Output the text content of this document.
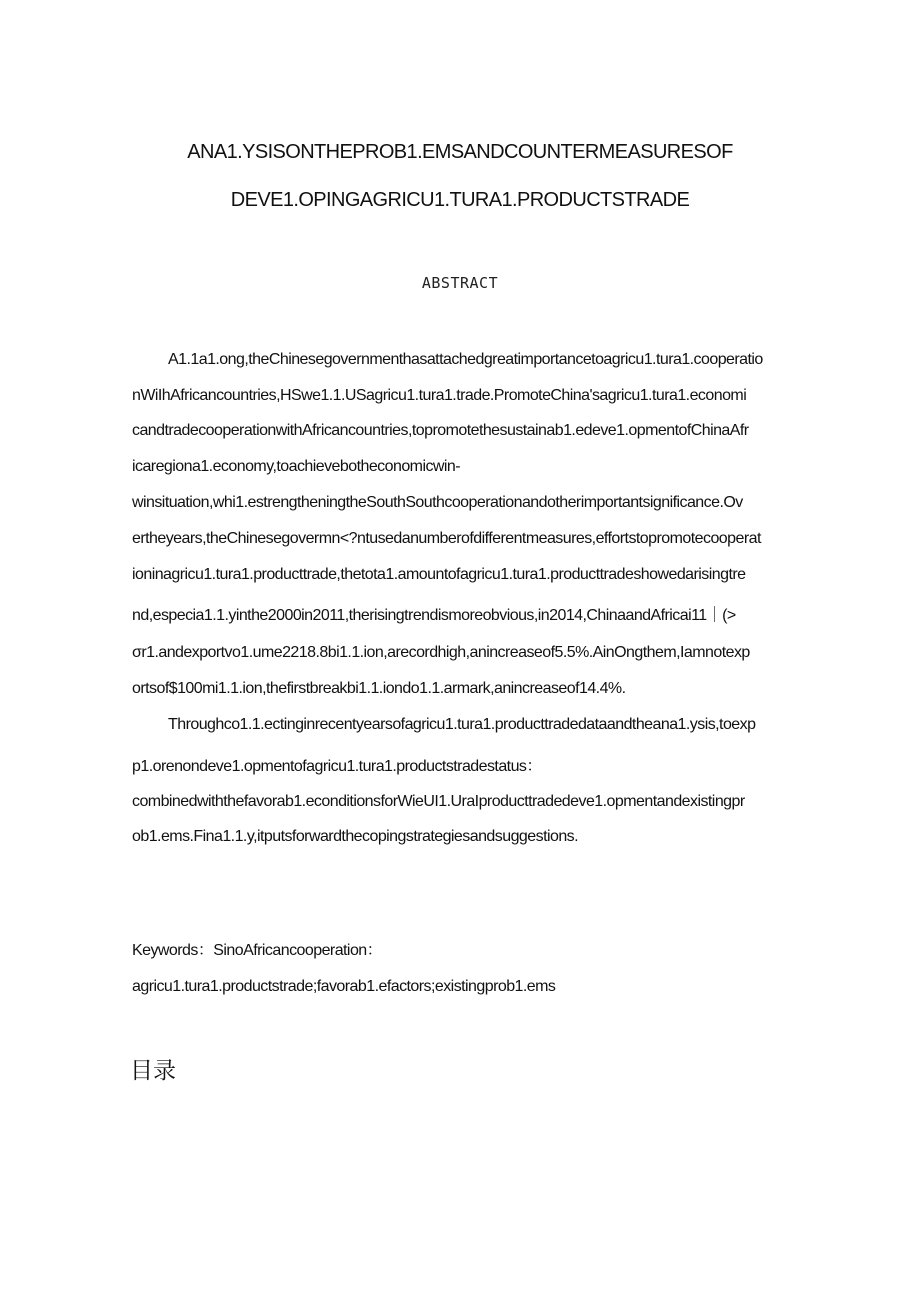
ANA1.YSISONTHEPROB1.EMSANDCOUNTERMEASURESOF
DEVE1.OPINGAGRICU1.TURA1.PRODUCTSTRADE
ABSTRACT
A1.1a1.ong,theChinesegovernmenthasattachedgreatimportancetoagricu1.tura1.cooperatio
nWiIhAfricancountries,HSwe1.1.USagricu1.tura1.trade.PromoteChina'sagricu1.tura1.economi
candtradecooperationwithAfricancountries,topromotethesustainab1.edeve1.opmentofChinaAfr
icaregiona1.economy,toachievebotheconomicwin-
winsituation,whi1.estrengtheningtheSouthSouthcooperationandotherimportantsignificance.Ov
ertheyears,theChinesegovermn<?ntusedanumberofdifferentmeasures,effortstopromotecooperat
ioninagricu1.tura1.producttrade,thetota1.amountofagricu1.tura1.producttradeshowedarisingtre
nd,especia1.1.yinthe2000in2011,therisingtrendismoreobvious,in2014,ChinaandAfricai11｜(>
σr1.andexportvo1.ume2218.8bi1.1.ion,arecordhigh,anincreaseof5.5%.AinOngthem,Iamnotexp
ortsof$100mi1.1.ion,thefirstbreakbi1.1.iondo1.1.armark,anincreaseof14.4%.
Throughco1.1.ectinginrecentyearsofagricu1.tura1.producttradedataandtheana1.ysis,toexp
p1.orenondeve1.opmentofagricu1.tura1.productstradestatus：
combinedwiththefavorab1.econditionsforWieUI1.UraIproducttradedeve1.opmentandexistingpr
ob1.ems.Fina1.1.y,itputsforwardthecopingstrategiesandsuggestions.
Keywords：SinoAfricancooperation：
agricu1.tura1.productstrade;favorab1.efactors;existingprob1.ems
目录
